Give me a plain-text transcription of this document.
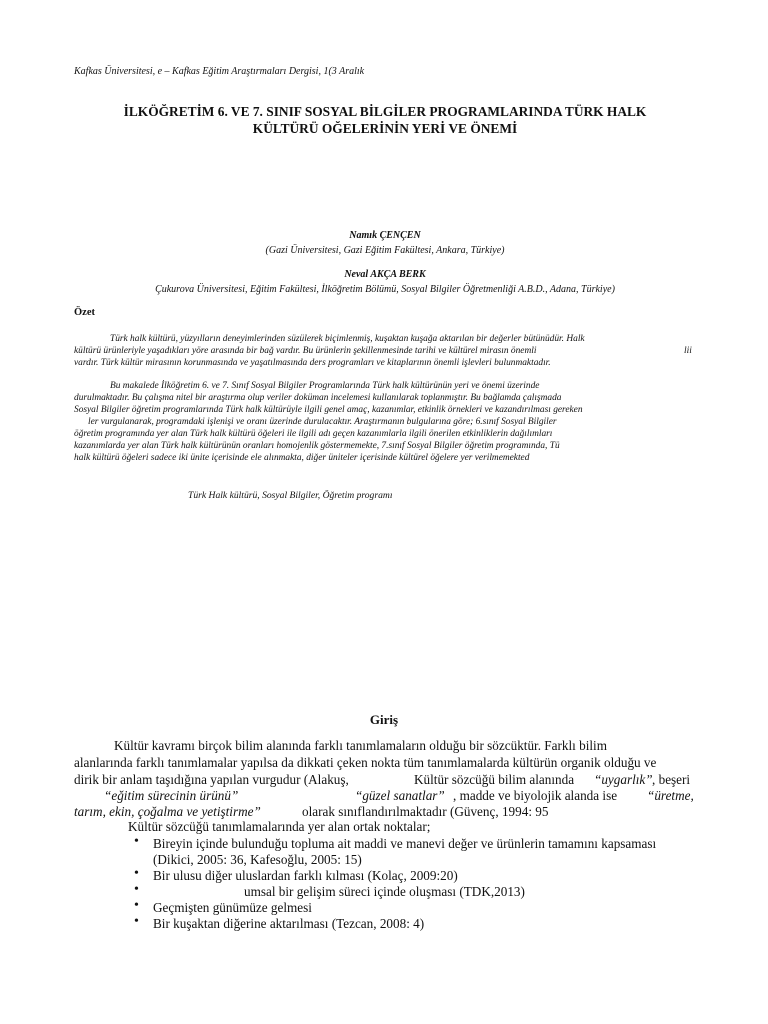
Kafkas Üniversitesi, e – Kafkas Eğitim Araştırmaları Dergisi, 1(3 Aralık
İLKÖĞRETİM 6. VE 7. SINIF SOSYAL BİLGİLER PROGRAMLARINDA TÜRK HALK
KÜLTÜRÜ OĞELERİNİN YERİ VE ÖNEMİ
Namık ÇENÇEN
(Gazi Üniversitesi, Gazi Eğitim Fakültesi, Ankara, Türkiye)
Neval AKÇA BERK
Çukurova Üniversitesi, Eğitim Fakültesi, İlköğretim Bölümü, Sosyal Bilgiler Öğretmenliği A.B.D., Adana, Türkiye)
Özet
Türk halk kültürü, yüzyılların deneyimlerinden süzülerek biçimlenmiş, kuşaktan kuşağa aktarılan bir değerler bütünüdür. Halk
kültürü ürünleriyle yaşadıkları yöre arasında bir bağ vardır. Bu ürünlerin şekillenmesinde tarihi ve kültürel mirasın önemli	lii
vardır. Türk kültür mirasının korunmasında ve yaşatılmasında ders programları ve kitaplarının önemli işlevleri bulunmaktadır.
Bu makalede İlköğretim 6. ve 7. Sınıf Sosyal Bilgiler Programlarında Türk halk kültürünün yeri ve önemi üzerinde
durulmaktadır. Bu çalışma nitel bir araştırma olup veriler doküman incelemesi kullanılarak toplanmıştır. Bu bağlamda çalışmada
Sosyal Bilgiler öğretim programlarında Türk halk kültürüyle ilgili genel amaç, kazanımlar, etkinlik örnekleri ve kazandırılması gereken
ler vurgulanarak, programdaki işlenişi ve oranı üzerinde durulacaktır. Araştırmanın bulgularına göre; 6.sınıf Sosyal Bilgiler
öğretim programında yer alan Türk halk kültürü öğeleri ile ilgili adı geçen kazanımlarla ilgili önerilen etkinliklerin dağılımları
kazanımlarda yer alan Türk halk kültürünün oranları homojenlik göstermemekte, 7.sınıf Sosyal Bilgiler öğretim programında, Tü
halk kültürü öğeleri sadece iki ünite içerisinde ele alınmakta, diğer üniteler içerisinde kültürel öğelere yer verilmemekted
Türk Halk kültürü, Sosyal Bilgiler, Öğretim programı
Giriş
Kültür kavramı birçok bilim alanında farklı tanımlamaların olduğu bir sözcüktür. Farklı bilim
alanlarında farklı tanımlamalar yapılsa da dikkati çeken nokta tüm tanımlamalarda kültürün organik olduğu ve
dirik bir anlam taşıdığına yapılan vurgudur (Alakuş,	Kültür sözcüğü bilim alanında “uygarlık” , beşeri
“eğitim sürecinin ürünü”	“güzel sanatlar” , madde ve biyolojik alanda ise “üretme,
tarım, ekin, çoğalma ve yetiştirme”	olarak sınıflandırılmaktadır (Güvenç, 1994: 95
Kültür sözcüğü tanımlamalarında yer alan ortak noktalar;
• Bireyin içinde bulunduğu topluma ait maddi ve manevi değer ve ürünlerin tamamını kapsaması
(Dikici, 2005: 36, Kafesoğlu, 2005: 15)
• Bir ulusu diğer uluslardan farklı kılması (Kolaç, 2009:20)
•	umsal bir gelişim süreci içinde oluşması (TDK,2013)
• Geçmişten günümüze gelmesi
• Bir kuşaktan diğerine aktarılması (Tezcan, 2008: 4)
